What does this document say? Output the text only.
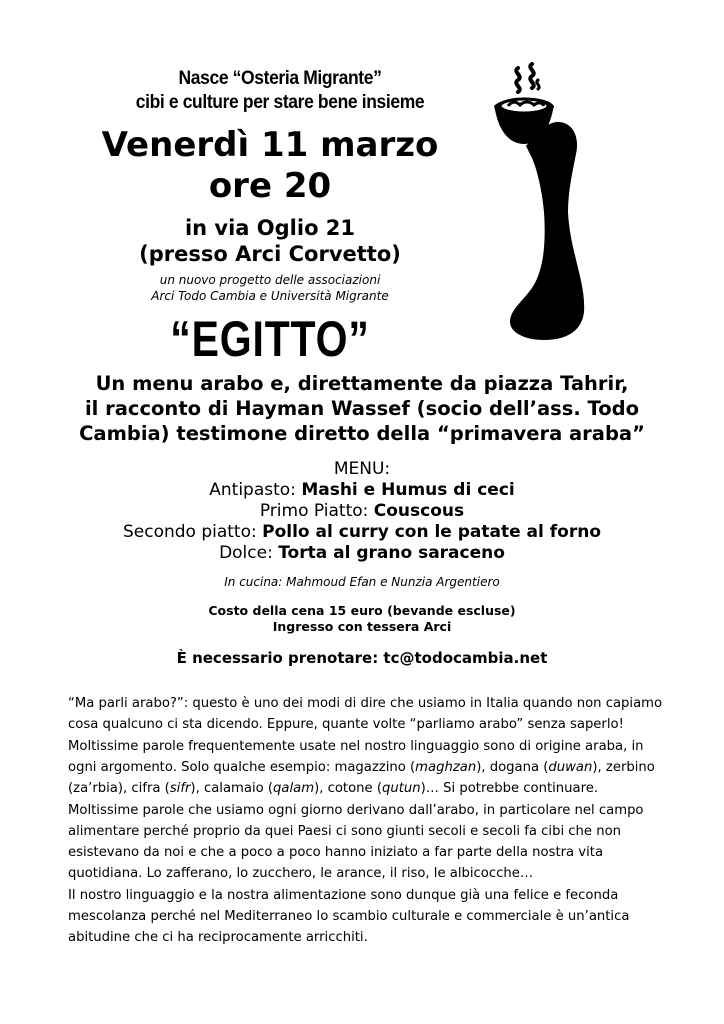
Nasce “Osteria Migrante”
cibi e culture per stare bene insieme
Venerdì 11 marzo
ore 20
in via Oglio 21
(presso Arci Corvetto)
un nuovo progetto delle associazioni
Arci Todo Cambia e Università Migrante
“EGITTO”
Un menu arabo e, direttamente da piazza Tahrir,
il racconto di Hayman Wassef (socio dell’ass. Todo
Cambia) testimone diretto della “primavera araba”
MENU:
Antipasto: Mashi e Humus di ceci
Primo Piatto: Couscous
Secondo piatto: Pollo al curry con le patate al forno
Dolce: Torta al grano saraceno
In cucina: Mahmoud Efan e Nunzia Argentiero
Costo della cena 15 euro (bevande escluse)
Ingresso con tessera Arci
È necessario prenotare: tc@todocambia.net
“Ma parli arabo?”: questo è uno dei modi di dire che usiamo in Italia quando non capiamo
cosa qualcuno ci sta dicendo. Eppure, quante volte “parliamo arabo” senza saperlo!
Moltissime parole frequentemente usate nel nostro linguaggio sono di origine araba, in
ogni argomento. Solo qualche esempio: magazzino (maghzan), dogana (duwan), zerbino
(za’rbia), cifra (sifr), calamaio (qalam), cotone (qutun)… Si potrebbe continuare.
Moltissime parole che usiamo ogni giorno derivano dall’arabo, in particolare nel campo
alimentare perché proprio da quei Paesi ci sono giunti secoli e secoli fa cibi che non
esistevano da noi e che a poco a poco hanno iniziato a far parte della nostra vita
quotidiana. Lo zafferano, lo zucchero, le arance, il riso, le albicocche…
Il nostro linguaggio e la nostra alimentazione sono dunque già una felice e feconda
mescolanza perché nel Mediterraneo lo scambio culturale e commerciale è un’antica
abitudine che ci ha reciprocamente arricchiti.
